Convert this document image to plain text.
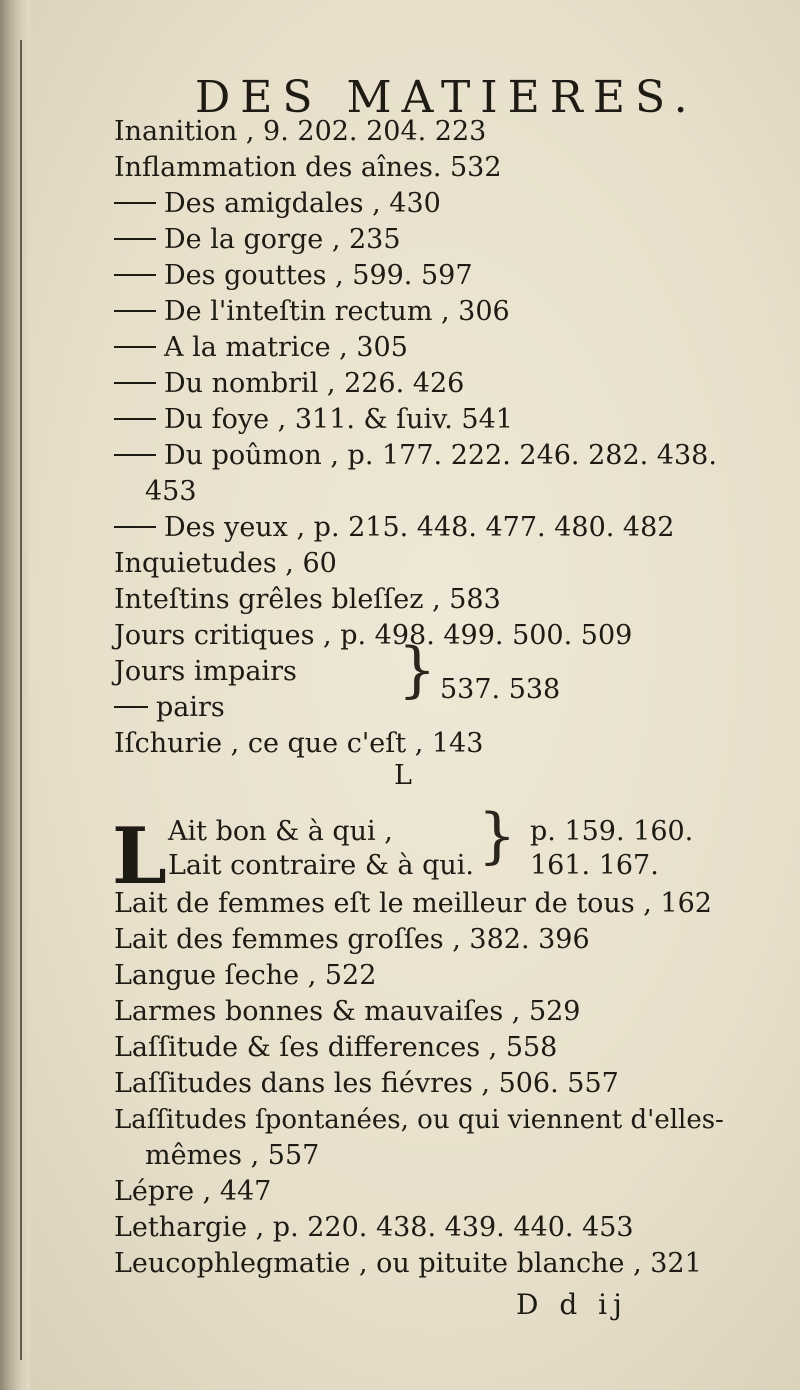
DES MATIERES.
Inanition , 9. 202. 204. 223
Inflammation des aînes. 532
Des amigdales , 430
De la gorge , 235
Des gouttes , 599. 597
De l'inteſtin rectum , 306
A la matrice , 305
Du nombril , 226. 426
Du foye , 311. & ſuiv. 541
Du poûmon , p. 177. 222. 246. 282. 438.
453
Des yeux , p. 215. 448. 477. 480. 482
Inquietudes , 60
Inteſtins grêles bleſſez , 583
Jours critiques , p. 498. 499. 500. 509
Jours impairs
pairs
} 537. 538
Iſchurie , ce que c'eſt , 143
L
L Ait bon & à qui ,
Lait contraire & à qui. } p. 159. 160.
161. 167.
Lait de femmes eſt le meilleur de tous , 162
Lait des femmes groſſes , 382. 396
Langue ſeche , 522
Larmes bonnes & mauvaiſes , 529
Laſſitude & ſes differences , 558
Laſſitudes dans les fiévres , 506. 557
Laſſitudes ſpontanées, ou qui viennent d'elles-
mêmes , 557
Lépre , 447
Lethargie , p. 220. 438. 439. 440. 453
Leucophlegmatie , ou pituite blanche , 321
D d ij
